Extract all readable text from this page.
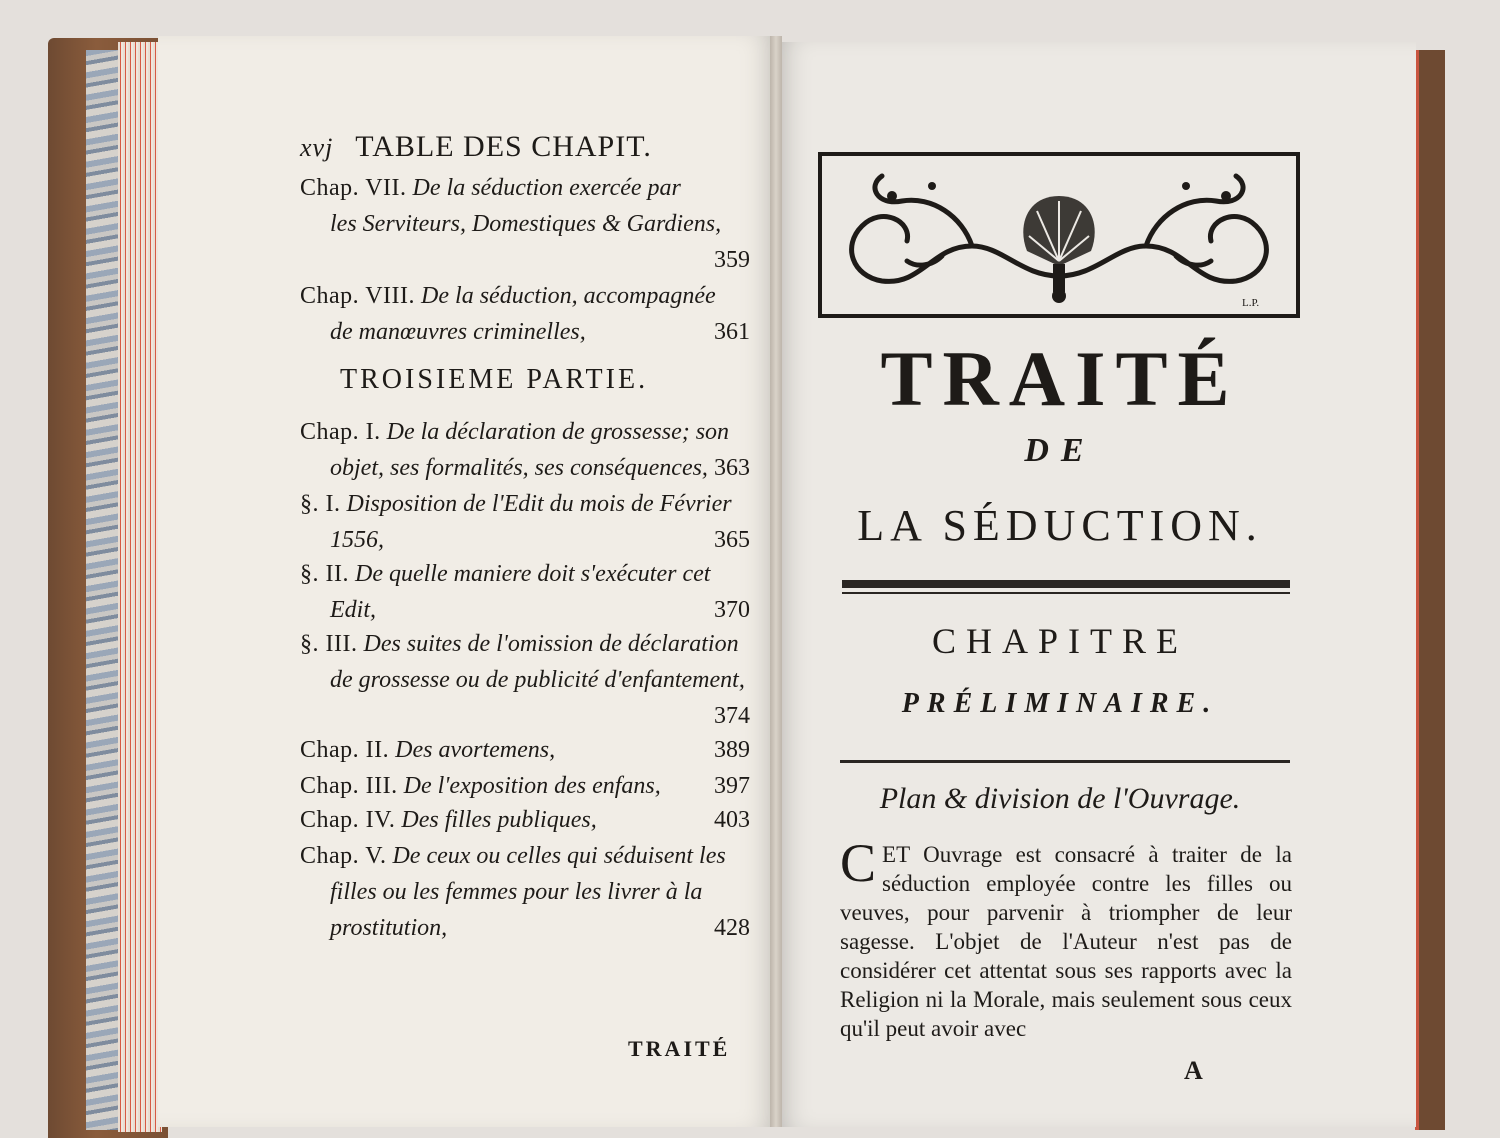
xvj TABLE DES CHAPIT.
Chap. VII. De la séduction exercée par
les Serviteurs, Domestiques & Gardiens,
359
Chap. VIII. De la séduction, accompagnée
de manœuvres criminelles,	361
TROISIEME PARTIE.
Chap. I. De la déclaration de grossesse; son
objet, ses formalités, ses conséquences, 363
§. I. Disposition de l'Edit du mois de Février
1556,	365
§. II. De quelle maniere doit s'exécuter cet
Edit,	370
§. III. Des suites de l'omission de déclaration
de grossesse ou de publicité d'enfantement,
374
Chap. II. Des avortemens,	389
Chap. III. De l'exposition des enfans, 397
Chap. IV. Des filles publiques,	403
Chap. V. De ceux ou celles qui séduisent les
filles ou les femmes pour les livrer à la prostitution,	428
TRAITÉ
L.P.
TRAITÉ
DE
LA SÉDUCTION.
CHAPITRE
PRÉLIMINAIRE.
Plan & division de l'Ouvrage.
CET Ouvrage est consacré à traiter de la séduction employée contre les filles ou veuves, pour parvenir à triompher de leur sagesse. L'objet de l'Auteur n'est pas de considérer cet attentat sous ses rapports avec la Religion ni la Morale, mais seulement sous ceux qu'il peut avoir avec
A
